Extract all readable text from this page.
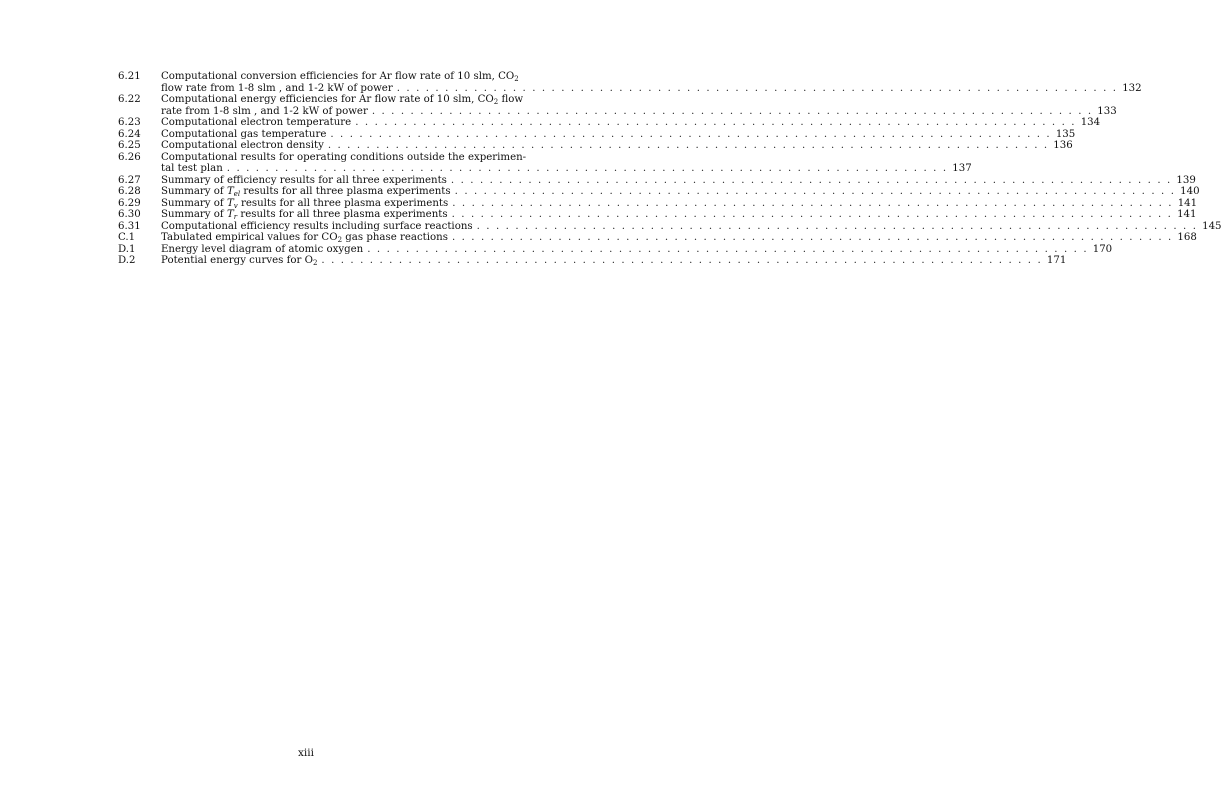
6.21	Computational conversion efficiencies for Ar flow rate of 10 slm, $CO_2$
flow rate from 1-8 slm , and 1-2 kW of power . . .	132
6.22	Computational energy efficiencies for Ar flow rate of 10 slm, $CO_2$ flow
rate from 1-8 slm , and 1-2 kW of power . . .	133
6.23	Computational electron temperature . . .	134
6.24	Computational gas temperature . . .	135
6.25	Computational electron density . . .	136
6.26	Computational results for operating conditions outside the experimen-
tal test plan . . .	137
6.27	Summary of efficiency results for all three experiments . . .	139
6.28	Summary of $T_{el}$ results for all three plasma experiments . . .	140
6.29	Summary of $T_v$ results for all three plasma experiments . . .	141
6.30	Summary of $T_r$ results for all three plasma experiments . . .	141
6.31	Computational efficiency results including surface reactions . . .	145
C.1	Tabulated empirical values for $CO_2$ gas phase reactions . . .	168
D.1	Energy level diagram of atomic oxygen . . .	170
D.2	Potential energy curves for $O_2$ . . .	171
xiii
